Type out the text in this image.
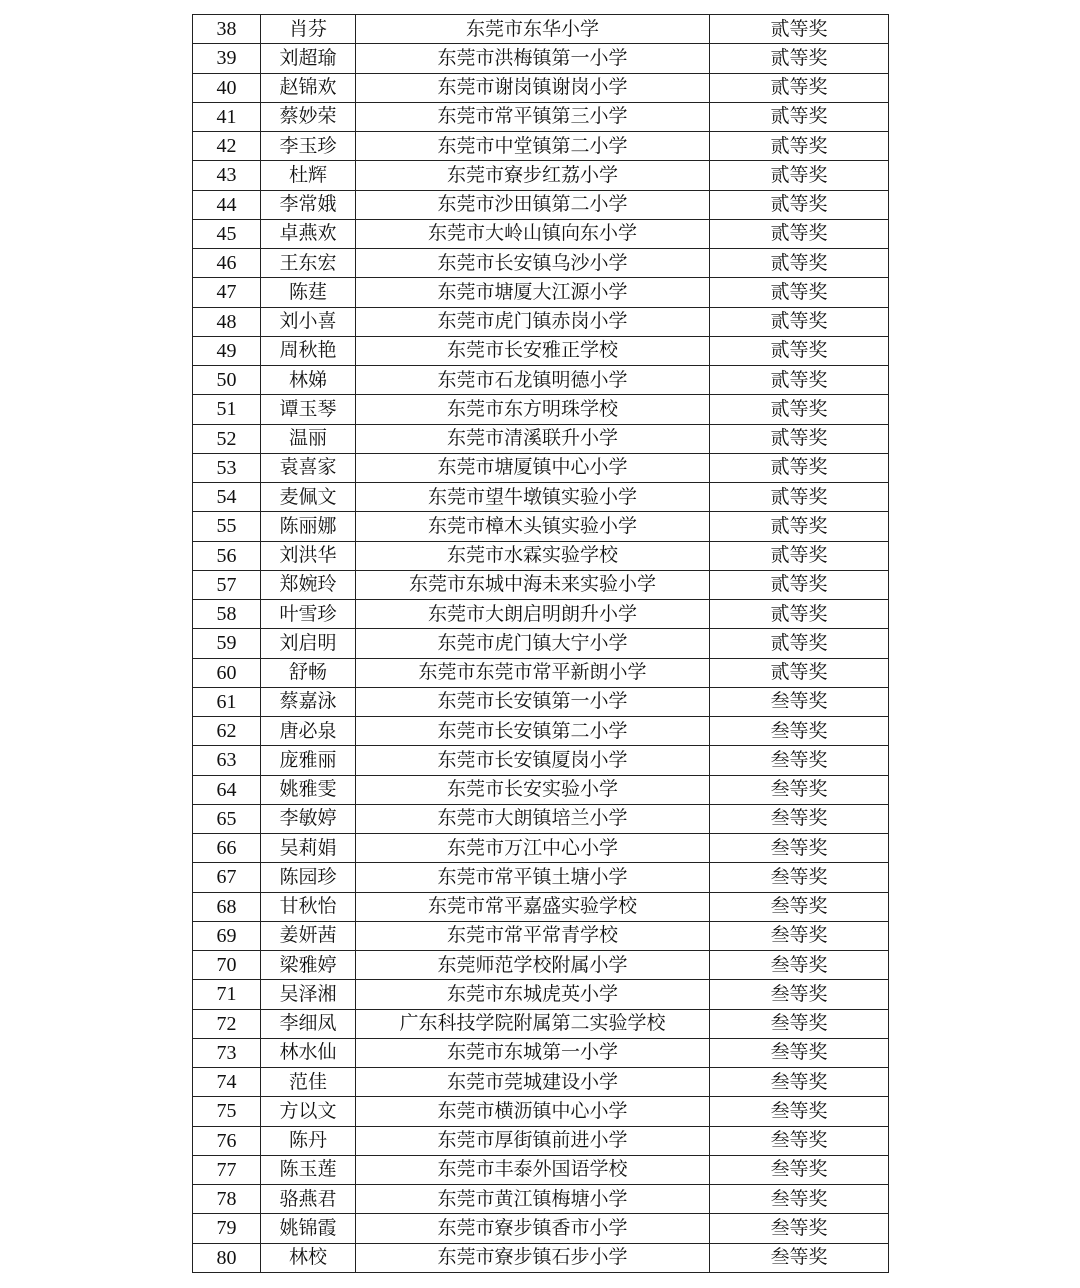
38	肖芬	东莞市东华小学	贰等奖
39	刘超瑜	东莞市洪梅镇第一小学	贰等奖
40	赵锦欢	东莞市谢岗镇谢岗小学	贰等奖
41	蔡妙荣	东莞市常平镇第三小学	贰等奖
42	李玉珍	东莞市中堂镇第二小学	贰等奖
43	杜辉	东莞市寮步红荔小学	贰等奖
44	李常娥	东莞市沙田镇第二小学	贰等奖
45	卓燕欢	东莞市大岭山镇向东小学	贰等奖
46	王东宏	东莞市长安镇乌沙小学	贰等奖
47	陈莛	东莞市塘厦大江源小学	贰等奖
48	刘小喜	东莞市虎门镇赤岗小学	贰等奖
49	周秋艳	东莞市长安雅正学校	贰等奖
50	林娣	东莞市石龙镇明德小学	贰等奖
51	谭玉琴	东莞市东方明珠学校	贰等奖
52	温丽	东莞市清溪联升小学	贰等奖
53	袁喜家	东莞市塘厦镇中心小学	贰等奖
54	麦佩文	东莞市望牛墩镇实验小学	贰等奖
55	陈丽娜	东莞市樟木头镇实验小学	贰等奖
56	刘洪华	东莞市水霖实验学校	贰等奖
57	郑婉玲	东莞市东城中海未来实验小学	贰等奖
58	叶雪珍	东莞市大朗启明朗升小学	贰等奖
59	刘启明	东莞市虎门镇大宁小学	贰等奖
60	舒畅	东莞市东莞市常平新朗小学	贰等奖
61	蔡嘉泳	东莞市长安镇第一小学	叁等奖
62	唐必泉	东莞市长安镇第二小学	叁等奖
63	庞雅丽	东莞市长安镇厦岗小学	叁等奖
64	姚雅雯	东莞市长安实验小学	叁等奖
65	李敏婷	东莞市大朗镇培兰小学	叁等奖
66	吴莉娟	东莞市万江中心小学	叁等奖
67	陈园珍	东莞市常平镇土塘小学	叁等奖
68	甘秋怡	东莞市常平嘉盛实验学校	叁等奖
69	姜妍茜	东莞市常平常青学校	叁等奖
70	梁雅婷	东莞师范学校附属小学	叁等奖
71	吴泽湘	东莞市东城虎英小学	叁等奖
72	李细凤	广东科技学院附属第二实验学校	叁等奖
73	林水仙	东莞市东城第一小学	叁等奖
74	范佳	东莞市莞城建设小学	叁等奖
75	方以文	东莞市横沥镇中心小学	叁等奖
76	陈丹	东莞市厚街镇前进小学	叁等奖
77	陈玉莲	东莞市丰泰外国语学校	叁等奖
78	骆燕君	东莞市黄江镇梅塘小学	叁等奖
79	姚锦霞	东莞市寮步镇香市小学	叁等奖
80	林校	东莞市寮步镇石步小学	叁等奖
